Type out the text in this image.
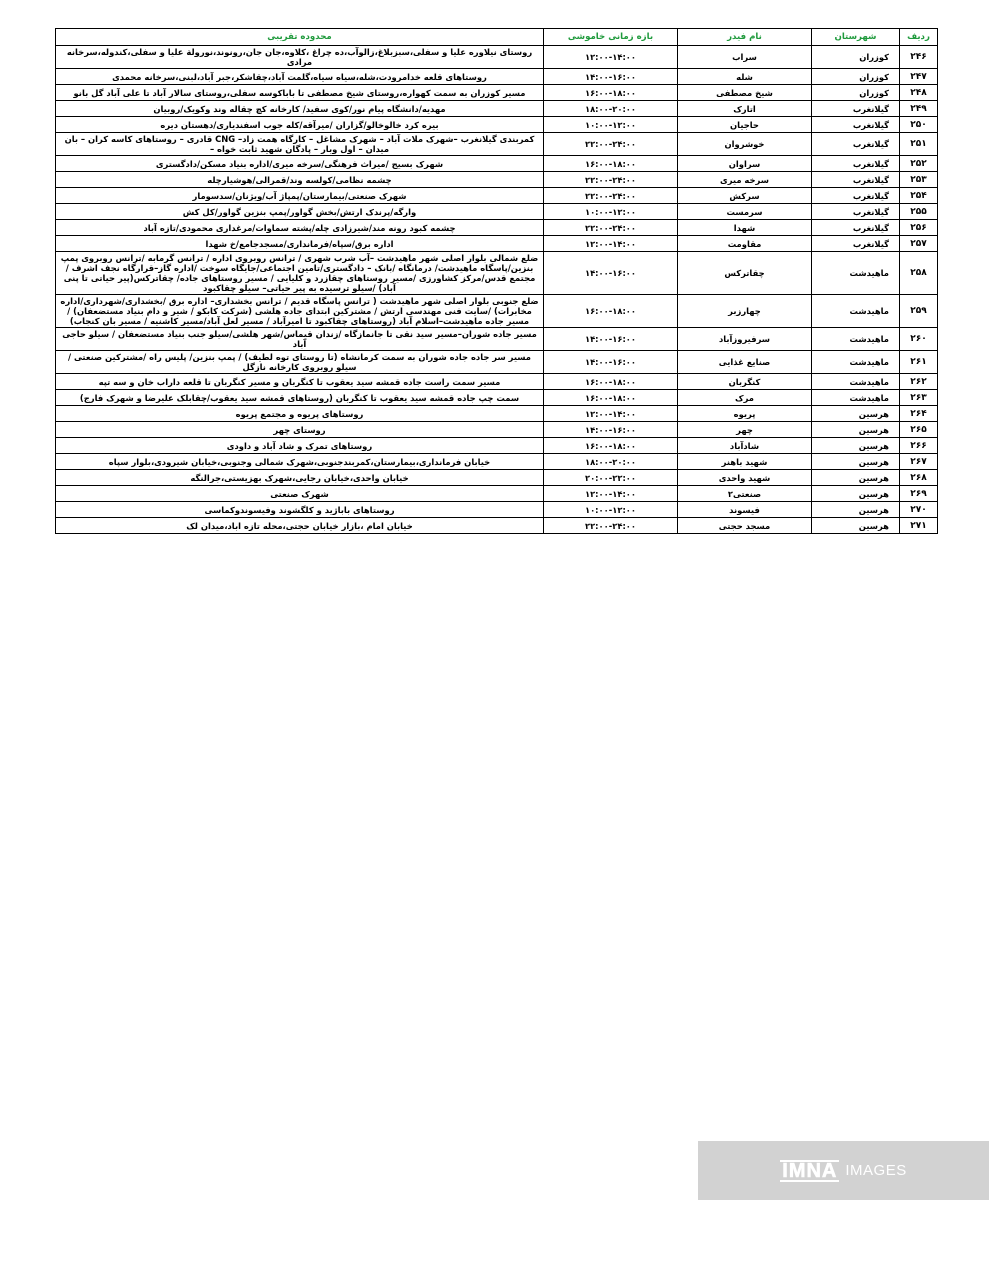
ردیف	شهرستان	نام فیدر	بازه زمانی خاموشی	محدوده تقریبی
۲۴۶	کوزران	سراب	۱۲:۰۰-۱۴:۰۰	روستای نیلاوره علیا و سفلی،سبزبلاغ،زالوآب،ده چراغ ،کلاوه،جان جان،رونوند،نورولة علیا و سفلی،کندوله،سرخانه مرادی
۲۴۷	کوزران	شله	۱۴:۰۰-۱۶:۰۰	روستاهای قلعه خدامرودت،شله،سیاه سیاه،گلمت آباد،چقاشکر،جبر آباد،لبنی،سرخانه محمدی
۲۴۸	کوزران	شیخ مصطفی	۱۶:۰۰-۱۸:۰۰	مسیر کوزران به سمت کهواره،روستای شیخ مصطفی تا باباکوسه سفلی،روستای سالار آباد تا علی آباد گل بانو
۲۴۹	گیلانغرب	اتارک	۱۸:۰۰-۲۰:۰۰	مهدیه/دانشگاه پیام نور/کوی سفید/ کارخانه کچ چقاله وند وکویک/روبیان
۲۵۰	گیلانغرب	حاجیان	۱۰:۰۰-۱۲:۰۰	بیره کرد خالوخالو/گزاران /میرآقه/کله جوب اسفندیاری/دهستان دیره
۲۵۱	گیلانغرب	خوشروان	۲۲:۰۰-۲۴:۰۰	کمربندی گیلانغرب –شهرک ملات آباد – شهرک مشاغل – کارگاه همت زاد– CNG قادری – روستاهای کاسه کران – بان میدان – اول وبار – پادگان شهید ثابت خواه –
۲۵۲	گیلانغرب	سراوان	۱۶:۰۰-۱۸:۰۰	شهرک بسیج /میراث فرهنگی/سرخه میری/اداره بنیاد مسکن/دادگستری
۲۵۳	گیلانغرب	سرخه میری	۲۲:۰۰-۲۴:۰۰	چشمه نظامی/کولسه وند/قمرالی/هوشیارچله
۲۵۴	گیلانغرب	سرکش	۲۲:۰۰-۲۴:۰۰	شهرک صنعتی/بیمارستان/پمپاژ آب/ویژنان/سدسومار
۲۵۵	گیلانغرب	سرمست	۱۰:۰۰-۱۲:۰۰	وارگه/پرندک ارتش/بخش گواور/پمپ بنزین گواور/کل کش
۲۵۶	گیلانغرب	شهدا	۲۲:۰۰-۲۴:۰۰	چشمه کبود رونه مند/شیرزادی چله/پشته سماوات/مرغداری محمودی/تازه آباد
۲۵۷	گیلانغرب	مقاومت	۱۲:۰۰-۱۴:۰۰	اداره برق/سپاه/فرمانداری/مسجدجامع/خ شهدا
۲۵۸	ماهیدشت	چقاترکس	۱۴:۰۰-۱۶:۰۰	ضلع شمالی بلوار اصلی شهر ماهیدشت –آب شرب شهری / ترانس روبروی اداره / ترانس گرمابه /ترانس روبروی پمپ بنزین/پاسگاه ماهیدشت/ درمانگاه /بانک – دادگستری/تامین اجتماعی/جایگاه سوخت /اداره گاز–قرارگاه نجف اشرف /مجتمع قدس/مرکز کشاورزی /مسیر روستاهای چقازرد و کلیایی / مسیر روستاهای جاده/ چقاترکس(پیر حیاتی تا پنی آباد) /سیلو ترسیده به پیر حیاتی– سیلو چقاکبود
۲۵۹	ماهیدشت	چهارزبر	۱۶:۰۰-۱۸:۰۰	ضلع جنوبی بلوار اصلی شهر ماهیدشت ( ترانس پاسگاه قدیم / ترانس بخشداری– اداره برق /بخشداری/شهرداری/اداره مخابرات) /سایت فنی مهندسی ارتش / مشترکین ابتدای جاده هلشی (شرکت کابکو / شیر و دام بنیاد مستضعفان) /مسیر جاده ماهیدشت–اسلام آباد (روستاهای چقاکبود تا امیرآباد / مسیر لعل آباد/مسیر کاشنیه / مسیر بان کنجاب)
۲۶۰	ماهیدشت	سرفیروزآباد	۱۴:۰۰-۱۶:۰۰	مسیر جاده شوران–مسیر سید نقی تا جانمازگاه /زندان قیماس/شهر هلشی/سیلو جنب بنیاد مستضعفان / سیلو حاجی آباد
۲۶۱	ماهیدشت	صنایع غذایی	۱۴:۰۰-۱۶:۰۰	مسیر سر جاده جاده شوران به سمت کرمانشاه (تا روستای توه لطیف) / پمپ بنزین/ پلیس راه /مشترکین صنعتی /سیلو روبروی کارخانه نازگل
۲۶۲	ماهیدشت	کنگربان	۱۶:۰۰-۱۸:۰۰	مسیر سمت راست جاده قمشه سید یعقوب تا کنگربان و مسیر کنگربان تا قلعه داراب خان و سه تپه
۲۶۳	ماهیدشت	مرک	۱۶:۰۰-۱۸:۰۰	سمت چپ جاده قمشه سید یعقوب تا کنگربان (روستاهای قمشه سید یعقوب/چقابلک علیرضا و شهرک فارج)
۲۶۴	هرسین	پریوه	۱۲:۰۰-۱۴:۰۰	روستاهای پریوه و مجتمع پریوه
۲۶۵	هرسین	چهر	۱۴:۰۰-۱۶:۰۰	روستای چهر
۲۶۶	هرسین	شادآباد	۱۶:۰۰-۱۸:۰۰	روستاهای تمرک و شاد آباد و داودی
۲۶۷	هرسین	شهید باهنر	۱۸:۰۰-۲۰:۰۰	خیابان فرمانداری،بیمارستان،کمربندجنوبی،شهرک شمالی وجنوبی،خیابان شیرودی،بلوار سپاه
۲۶۸	هرسین	شهید واحدی	۲۰:۰۰-۲۲:۰۰	خیابان واحدی،خیابان رجایی،شهرک بهزیستی،جرالنگه
۲۶۹	هرسین	صنعتی۲	۱۲:۰۰-۱۴:۰۰	شهرک صنعتی
۲۷۰	هرسین	فیسوند	۱۰:۰۰-۱۲:۰۰	روستاهای باباژید و کلگشوند وفیسوندوکماسی
۲۷۱	هرسین	مسجد حجتی	۲۲:۰۰-۲۴:۰۰	خیابان امام ،بازار خیابان حجتی،محله تازه اباد،میدان لک
IMNA IMAGES
